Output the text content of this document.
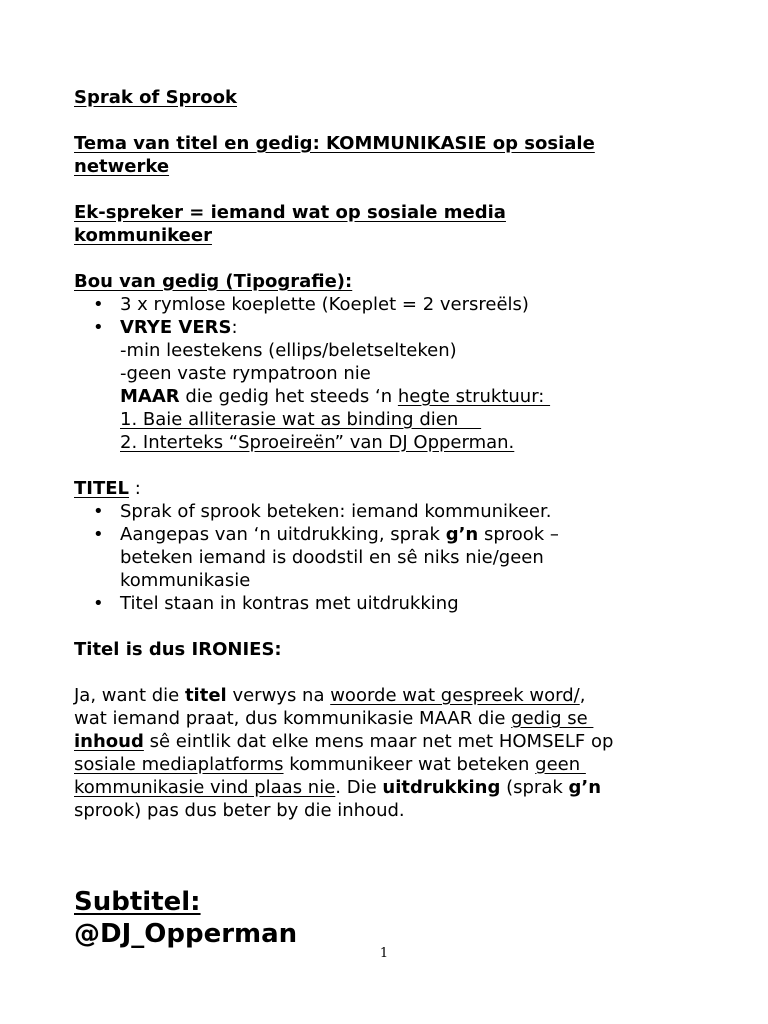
Sprak of Sprook
Tema van titel en gedig: KOMMUNIKASIE op sosiale
netwerke
Ek-spreker = iemand wat op sosiale media
kommunikeer
Bou van gedig (Tipografie):
• 3 x rymlose koeplette (Koeplet = 2 versreëls)
• VRYE VERS:
-min leestekens (ellips/beletselteken)
-geen vaste rympatroon nie
MAAR die gedig het steeds ‘n hegte struktuur:
1. Baie alliterasie wat as binding dien
2. Interteks “Sproeireën” van DJ Opperman.
TITEL :
• Sprak of sprook beteken: iemand kommunikeer.
• Aangepas van ‘n uitdrukking, sprak g’n sprook –
beteken iemand is doodstil en sê niks nie/geen
kommunikasie
• Titel staan in kontras met uitdrukking
Titel is dus IRONIES:

Ja, want die titel verwys na woorde wat gespreek word/,
wat iemand praat, dus kommunikasie MAAR die gedig se
inhoud sê eintlik dat elke mens maar net met HOMSELF op
sosiale mediaplatforms kommunikeer wat beteken geen
kommunikasie vind plaas nie. Die uitdrukking (sprak g’n
sprook) pas dus beter by die inhoud.
Subtitel:
@DJ_Opperman
1
